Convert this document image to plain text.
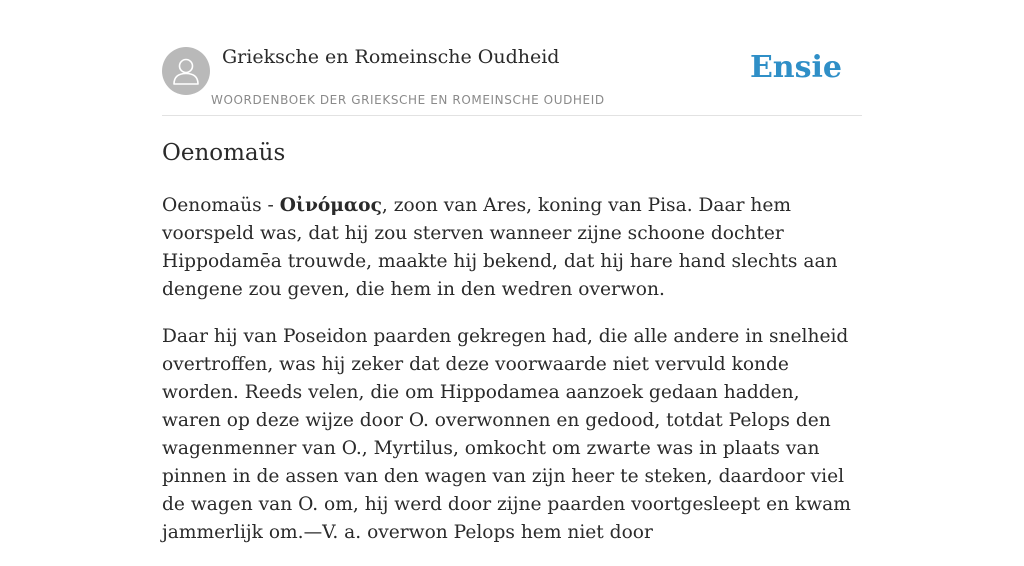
Grieksche en Romeinsche Oudheid
WOORDENBOEK DER GRIEKSCHE EN ROMEINSCHE OUDHEID
Ensie
Oenomaüs

Oenomaüs - Οἰνόμαος, zoon van Ares, koning van Pisa. Daar hem voorspeld was, dat hij zou sterven wanneer zijne schoone dochter Hippodamēa trouwde, maakte hij bekend, dat hij hare hand slechts aan dengene zou geven, die hem in den wedren overwon.

Daar hij van Poseidon paarden gekregen had, die alle andere in snelheid overtroffen, was hij zeker dat deze voorwaarde niet vervuld konde worden. Reeds velen, die om Hippodamea aanzoek gedaan hadden, waren op deze wijze door O. overwonnen en gedood, totdat Pelops den wagenmenner van O., Myrtilus, omkocht om zwarte was in plaats van pinnen in de assen van den wagen van zijn heer te steken, daardoor viel de wagen van O. om, hij werd door zijne paarden voortgesleept en kwam jammerlijk om.—V. a. overwon Pelops hem niet door
